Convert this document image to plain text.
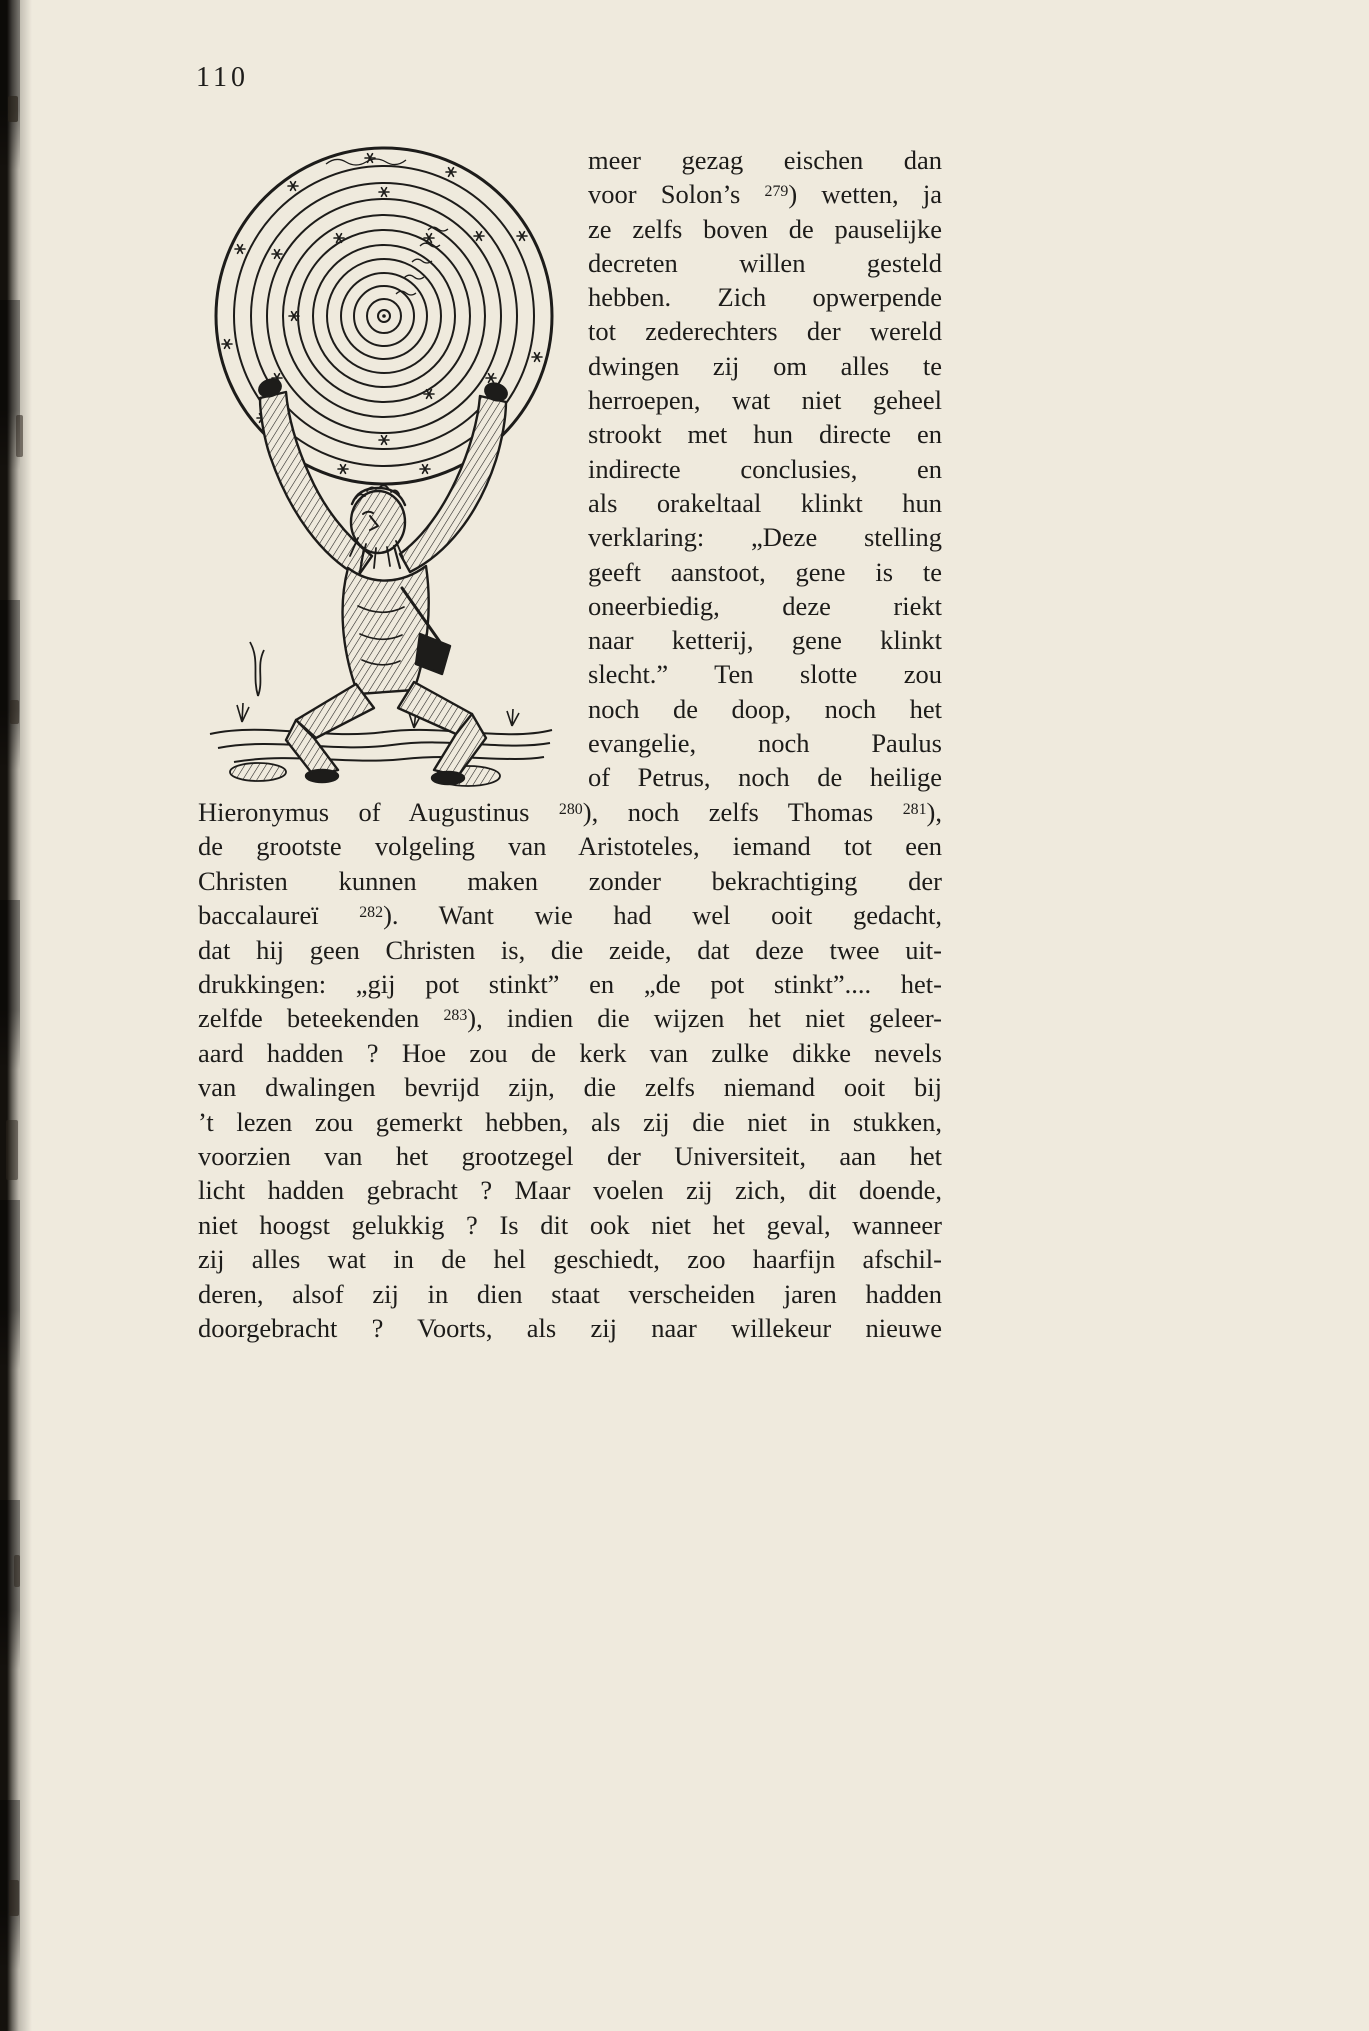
110
meer gezag eischen dan
voor Solon’s $^{279}$) wetten, ja
ze zelfs boven de pauselijke
decreten willen gesteld
hebben. Zich opwerpende
tot zederechters der wereld
dwingen zij om alles te
herroepen, wat niet geheel
strookt met hun directe en
indirecte conclusies, en
als orakeltaal klinkt hun
verklaring: „Deze stelling
geeft aanstoot, gene is te
oneerbiedig, deze riekt
naar ketterij, gene klinkt
slecht.” Ten slotte zou
noch de doop, noch het
evangelie, noch Paulus
of Petrus, noch de heilige
Hieronymus of Augustinus $^{280}$), noch zelfs Thomas $^{281}$),
de grootste volgeling van Aristoteles, iemand tot een
Christen kunnen maken zonder bekrachtiging der
baccalaureï $^{282}$). Want wie had wel ooit gedacht,
dat hij geen Christen is, die zeide, dat deze twee uit-
drukkingen: „gij pot stinkt” en „de pot stinkt”.... het-
zelfde beteekenden $^{283}$), indien die wijzen het niet geleer-
aard hadden ? Hoe zou de kerk van zulke dikke nevels
van dwalingen bevrijd zijn, die zelfs niemand ooit bij
’t lezen zou gemerkt hebben, als zij die niet in stukken,
voorzien van het grootzegel der Universiteit, aan het
licht hadden gebracht ? Maar voelen zij zich, dit doende,
niet hoogst gelukkig ? Is dit ook niet het geval, wanneer
zij alles wat in de hel geschiedt, zoo haarfijn afschil-
deren, alsof zij in dien staat verscheiden jaren hadden
doorgebracht ? Voorts, als zij naar willekeur nieuwe
